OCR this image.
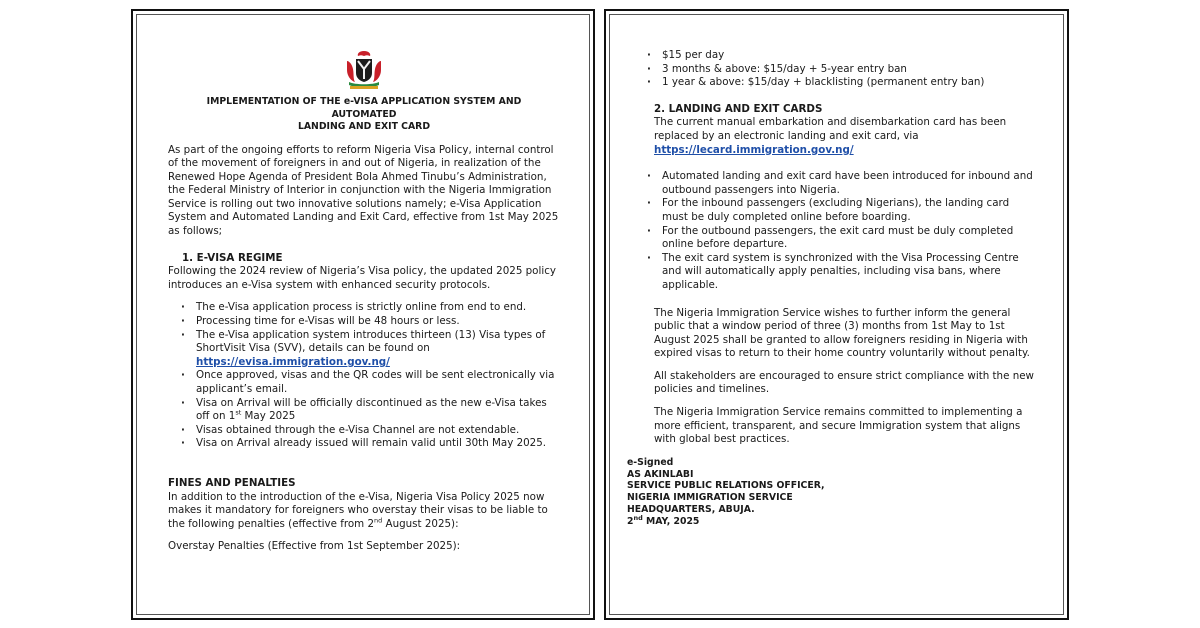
IMPLEMENTATION OF THE e-VISA APPLICATION SYSTEM AND AUTOMATED
LANDING AND EXIT CARD

As part of the ongoing efforts to reform Nigeria Visa Policy, internal control of the movement of foreigners in and out of Nigeria, in realization of the Renewed Hope Agenda of President Bola Ahmed Tinubu’s Administration, the Federal Ministry of Interior in conjunction with the Nigeria Immigration Service is rolling out two innovative solutions namely; e-Visa Application System and Automated Landing and Exit Card, effective from 1st May 2025 as follows;

1. E-VISA REGIME

Following the 2024 review of Nigeria’s Visa policy, the updated 2025 policy introduces an e-Visa system with enhanced security protocols.

· The e-Visa application process is strictly online from end to end.
· Processing time for e-Visas will be 48 hours or less.
· The e-Visa application system introduces thirteen (13) Visa types of ShortVisit Visa (SVV), details can be found on https://evisa.immigration.gov.ng/
· Once approved, visas and the QR codes will be sent electronically via applicant’s email.
· Visa on Arrival will be officially discontinued as the new e-Visa takes off on 1st May 2025
· Visas obtained through the e-Visa Channel are not extendable.
· Visa on Arrival already issued will remain valid until 30th May 2025.
FINES AND PENALTIES

In addition to the introduction of the e-Visa, Nigeria Visa Policy 2025 now makes it mandatory for foreigners who overstay their visas to be liable to the following penalties (effective from 2nd August 2025):

Overstay Penalties (Effective from 1st September 2025):

· $15 per day
· 3 months & above: $15/day + 5-year entry ban
· 1 year & above: $15/day + blacklisting (permanent entry ban)
2. LANDING AND EXIT CARDS

The current manual embarkation and disembarkation card has been replaced by an electronic landing and exit card, via

https://lecard.immigration.gov.ng/

· Automated landing and exit card have been introduced for inbound and outbound passengers into Nigeria.
· For the inbound passengers (excluding Nigerians), the landing card must be duly completed online before boarding.
· For the outbound passengers, the exit card must be duly completed online before departure.
· The exit card system is synchronized with the Visa Processing Centre and will automatically apply penalties, including visa bans, where applicable.

The Nigeria Immigration Service wishes to further inform the general public that a window period of three (3) months from 1st May to 1st August 2025 shall be granted to allow foreigners residing in Nigeria with expired visas to return to their home country voluntarily without penalty.

All stakeholders are encouraged to ensure strict compliance with the new policies and timelines.

The Nigeria Immigration Service remains committed to implementing a more efficient, transparent, and secure Immigration system that aligns with global best practices.

e-Signed
AS AKINLABI
SERVICE PUBLIC RELATIONS OFFICER,
NIGERIA IMMIGRATION SERVICE
HEADQUARTERS, ABUJA.
2nd MAY, 2025
